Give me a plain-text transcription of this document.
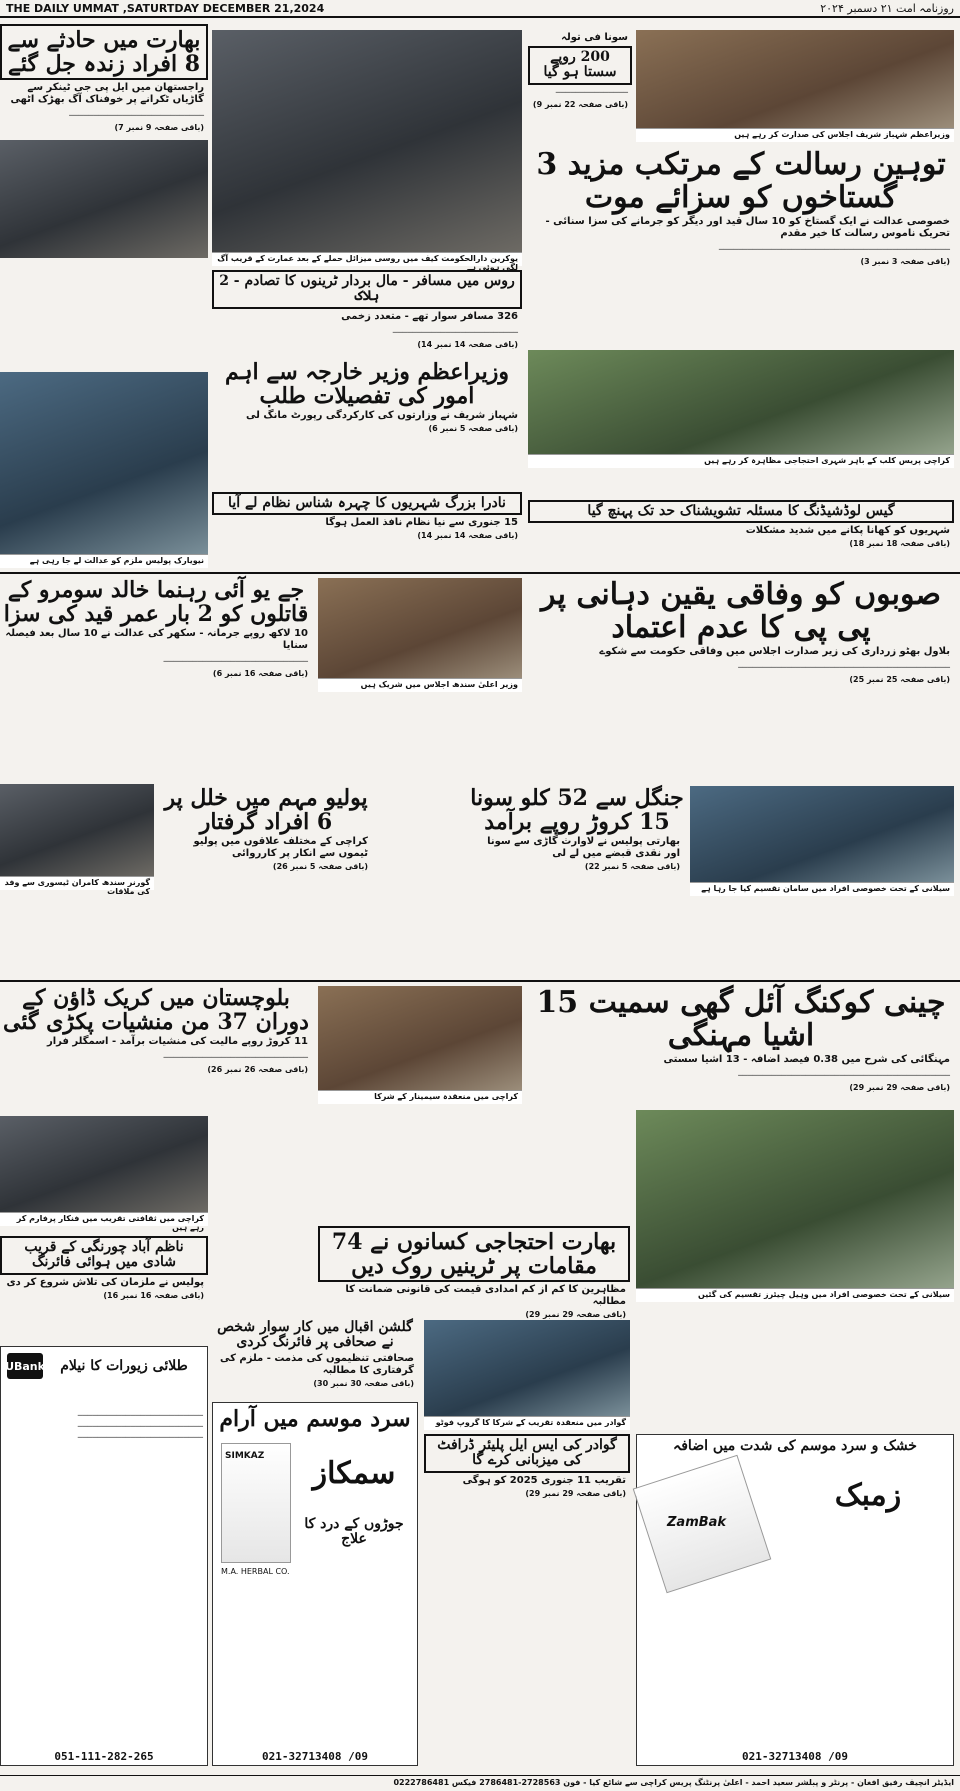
THE DAILY UMMAT ,SATURTDAY DECEMBER 21,2024	روزنامہ امت ۲۱ دسمبر ۲۰۲۴
بھارت میں حادثے سے 8 افراد زندہ جل گئے
راجستھان میں ایل پی جی ٹینکر سے گاڑیاں ٹکرانے پر خوفناک آگ بھڑک اٹھی
────────────────────────────
(باقی صفحہ 9 نمبر 7)
یوکرین دارالحکومت کیف میں روسی میزائل حملے کے بعد عمارت کے قریب آگ لگی ہوئی ہے
سونا فی تولہ
200 روپے سستا ہو گیا
───────────────
(باقی صفحہ 22 نمبر 9)
وزیراعظم شہباز شریف اجلاس کی صدارت کر رہے ہیں
توہین رسالت کے مرتکب مزید 3 گستاخوں کو سزائے موت
خصوصی عدالت نے ایک گستاخ کو 10 سال قید اور دیگر کو جرمانے کی سزا سنائی - تحریک ناموس رسالت کا خیر مقدم
────────────────────────────────────────────────
(باقی صفحہ 3 نمبر 3)
نیویارک پولیس ملزم کو عدالت لے جا رہی ہے
روس میں مسافر - مال بردار ٹرینوں کا تصادم - 2 ہلاک
326 مسافر سوار تھے - متعدد زخمی
──────────────────────────
(باقی صفحہ 14 نمبر 14)
وزیراعظم وزیر خارجہ سے اہم امور کی تفصیلات طلب
شہباز شریف نے وزارتوں کی کارکردگی رپورٹ مانگ لی
(باقی صفحہ 5 نمبر 6)
کراچی پریس کلب کے باہر شہری احتجاجی مظاہرہ کر رہے ہیں
نادرا بزرگ شہریوں کا چہرہ شناس نظام لے آیا
15 جنوری سے نیا نظام نافذ العمل ہوگا
(باقی صفحہ 14 نمبر 14)
گیس لوڈشیڈنگ کا مسئلہ تشویشناک حد تک پہنچ گیا
شہریوں کو کھانا پکانے میں شدید مشکلات
(باقی صفحہ 18 نمبر 18)
جے یو آئی رہنما خالد سومرو کے قاتلوں کو 2 بار عمر قید کی سزا
10 لاکھ روپے جرمانہ - سکھر کی عدالت نے 10 سال بعد فیصلہ سنایا
──────────────────────────────
(باقی صفحہ 16 نمبر 6)
وزیر اعلیٰ سندھ اجلاس میں شریک ہیں
صوبوں کو وفاقی یقین دہانی پر پی پی کا عدم اعتماد
بلاول بھٹو زرداری کی زیر صدارت اجلاس میں وفاقی حکومت سے شکوے
────────────────────────────────────────────
(باقی صفحہ 25 نمبر 25)
گورنر سندھ کامران ٹیسوری سے وفد کی ملاقات
پولیو مہم میں خلل پر 6 افراد گرفتار
کراچی کے مختلف علاقوں میں پولیو ٹیموں سے انکار پر کارروائی
(باقی صفحہ 5 نمبر 26)
جنگل سے 52 کلو سونا 15 کروڑ روپے برآمد
بھارتی پولیس نے لاوارث گاڑی سے سونا اور نقدی قبضے میں لے لی
(باقی صفحہ 5 نمبر 22)
سیلانی کے تحت خصوصی افراد میں سامان تقسیم کیا جا رہا ہے
بلوچستان میں کریک ڈاؤن کے دوران 37 من منشیات پکڑی گئی
11 کروڑ روپے مالیت کی منشیات برآمد - اسمگلر فرار
──────────────────────────────
(باقی صفحہ 26 نمبر 26)
کراچی میں منعقدہ سیمینار کے شرکا
چینی کوکنگ آئل گھی سمیت 15 اشیا مہنگی
مہنگائی کی شرح میں 0.38 فیصد اضافہ - 13 اشیا سستی
────────────────────────────────────────────
(باقی صفحہ 29 نمبر 29)
کراچی میں ثقافتی تقریب میں فنکار پرفارم کر رہے ہیں
سیلانی کے تحت خصوصی افراد میں وہیل چیئرز تقسیم کی گئیں
بھارت احتجاجی کسانوں نے 74 مقامات پر ٹرینیں روک دیں
مظاہرین کا کم از کم امدادی قیمت کی قانونی ضمانت کا مطالبہ
(باقی صفحہ 29 نمبر 29)
ناظم آباد چورنگی کے قریب شادی میں ہوائی فائرنگ
پولیس نے ملزمان کی تلاش شروع کر دی
(باقی صفحہ 16 نمبر 16)
گلشن اقبال میں کار سوار شخص نے صحافی پر فائرنگ کردی
صحافتی تنظیموں کی مذمت - ملزم کی گرفتاری کا مطالبہ
(باقی صفحہ 30 نمبر 30)
گوادر میں منعقدہ تقریب کے شرکا کا گروپ فوٹو
گوادر کی ایس ایل پلیئر ڈرافٹ کی میزبانی کرے گا
تقریب 11 جنوری 2025 کو ہوگی
(باقی صفحہ 29 نمبر 29)
UBank	طلائی زیورات کا نیلام
──────────────────────────
──────────────────────────
──────────────────────────
051-111-282-265
سرد موسم میں آرام
SIMKAZ	سمکاز
جوڑوں کے درد کا علاج
M.A. HERBAL CO.
021-32713408 /09
خشک و سرد موسم کی شدت میں اضافہ
ZamBak
زمبک
021-32713408 /09
ایڈیٹر انچیف رفیق افغان - پرنٹر و پبلشر سعید احمد - اعلیٰ پرنٹنگ پریس کراچی سے شائع کیا - فون 2728563-2786481 فیکس 0222786481
